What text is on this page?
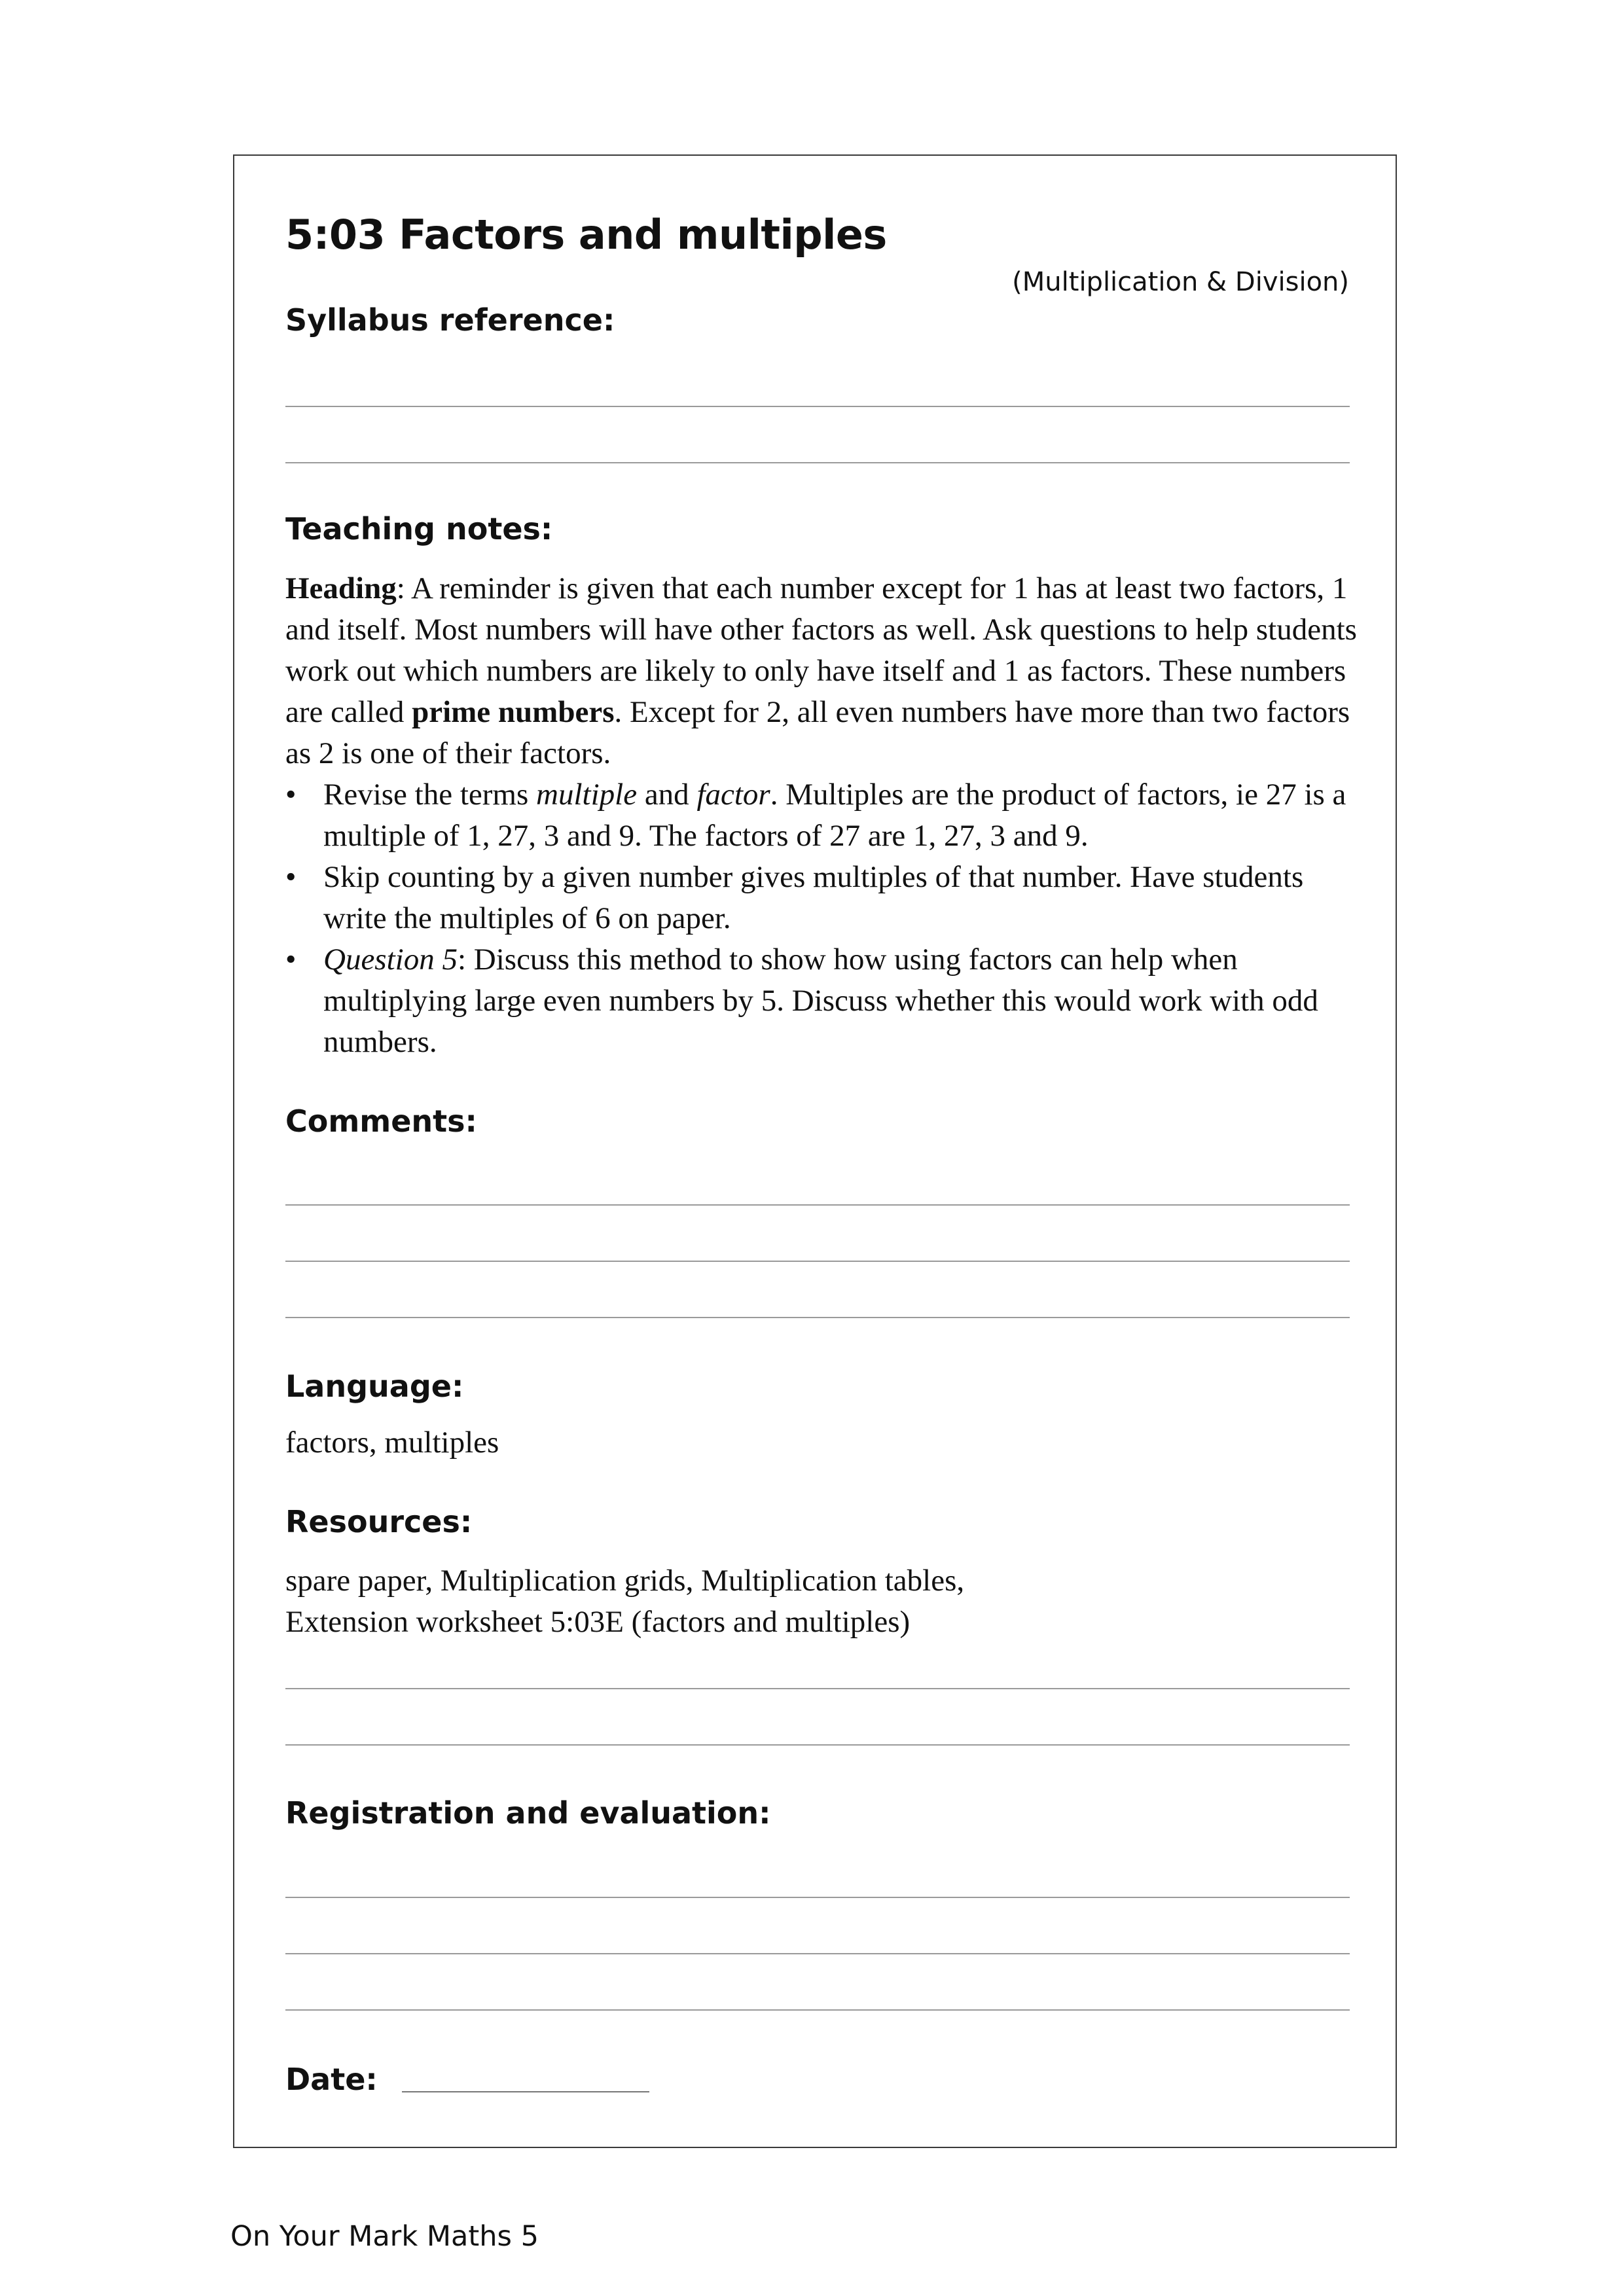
5:03 Factors and multiples
(Multiplication & Division)
Syllabus reference:
Teaching notes:

Heading: A reminder is given that each number except for 1 has at least two factors, 1 and itself. Most numbers will have other factors as well. Ask questions to help students work out which numbers are likely to only have itself and 1 as factors. These numbers are called prime numbers. Except for 2, all even numbers have more than two factors as 2 is one of their factors.

• Revise the terms multiple and factor. Multiples are the product of factors, ie 27 is a multiple of 1, 27, 3 and 9. The factors of 27 are 1, 27, 3 and 9.
• Skip counting by a given number gives multiples of that number. Have students write the multiples of 6 on paper.
• Question 5: Discuss this method to show how using factors can help when multiplying large even numbers by 5. Discuss whether this would work with odd numbers.
Comments:
Language:
factors, multiples
Resources:

spare paper, Multiplication grids, Multiplication tables,

Extension worksheet 5:03E (factors and multiples)

Registration and evaluation:
Date:
On Your Mark Maths 5
